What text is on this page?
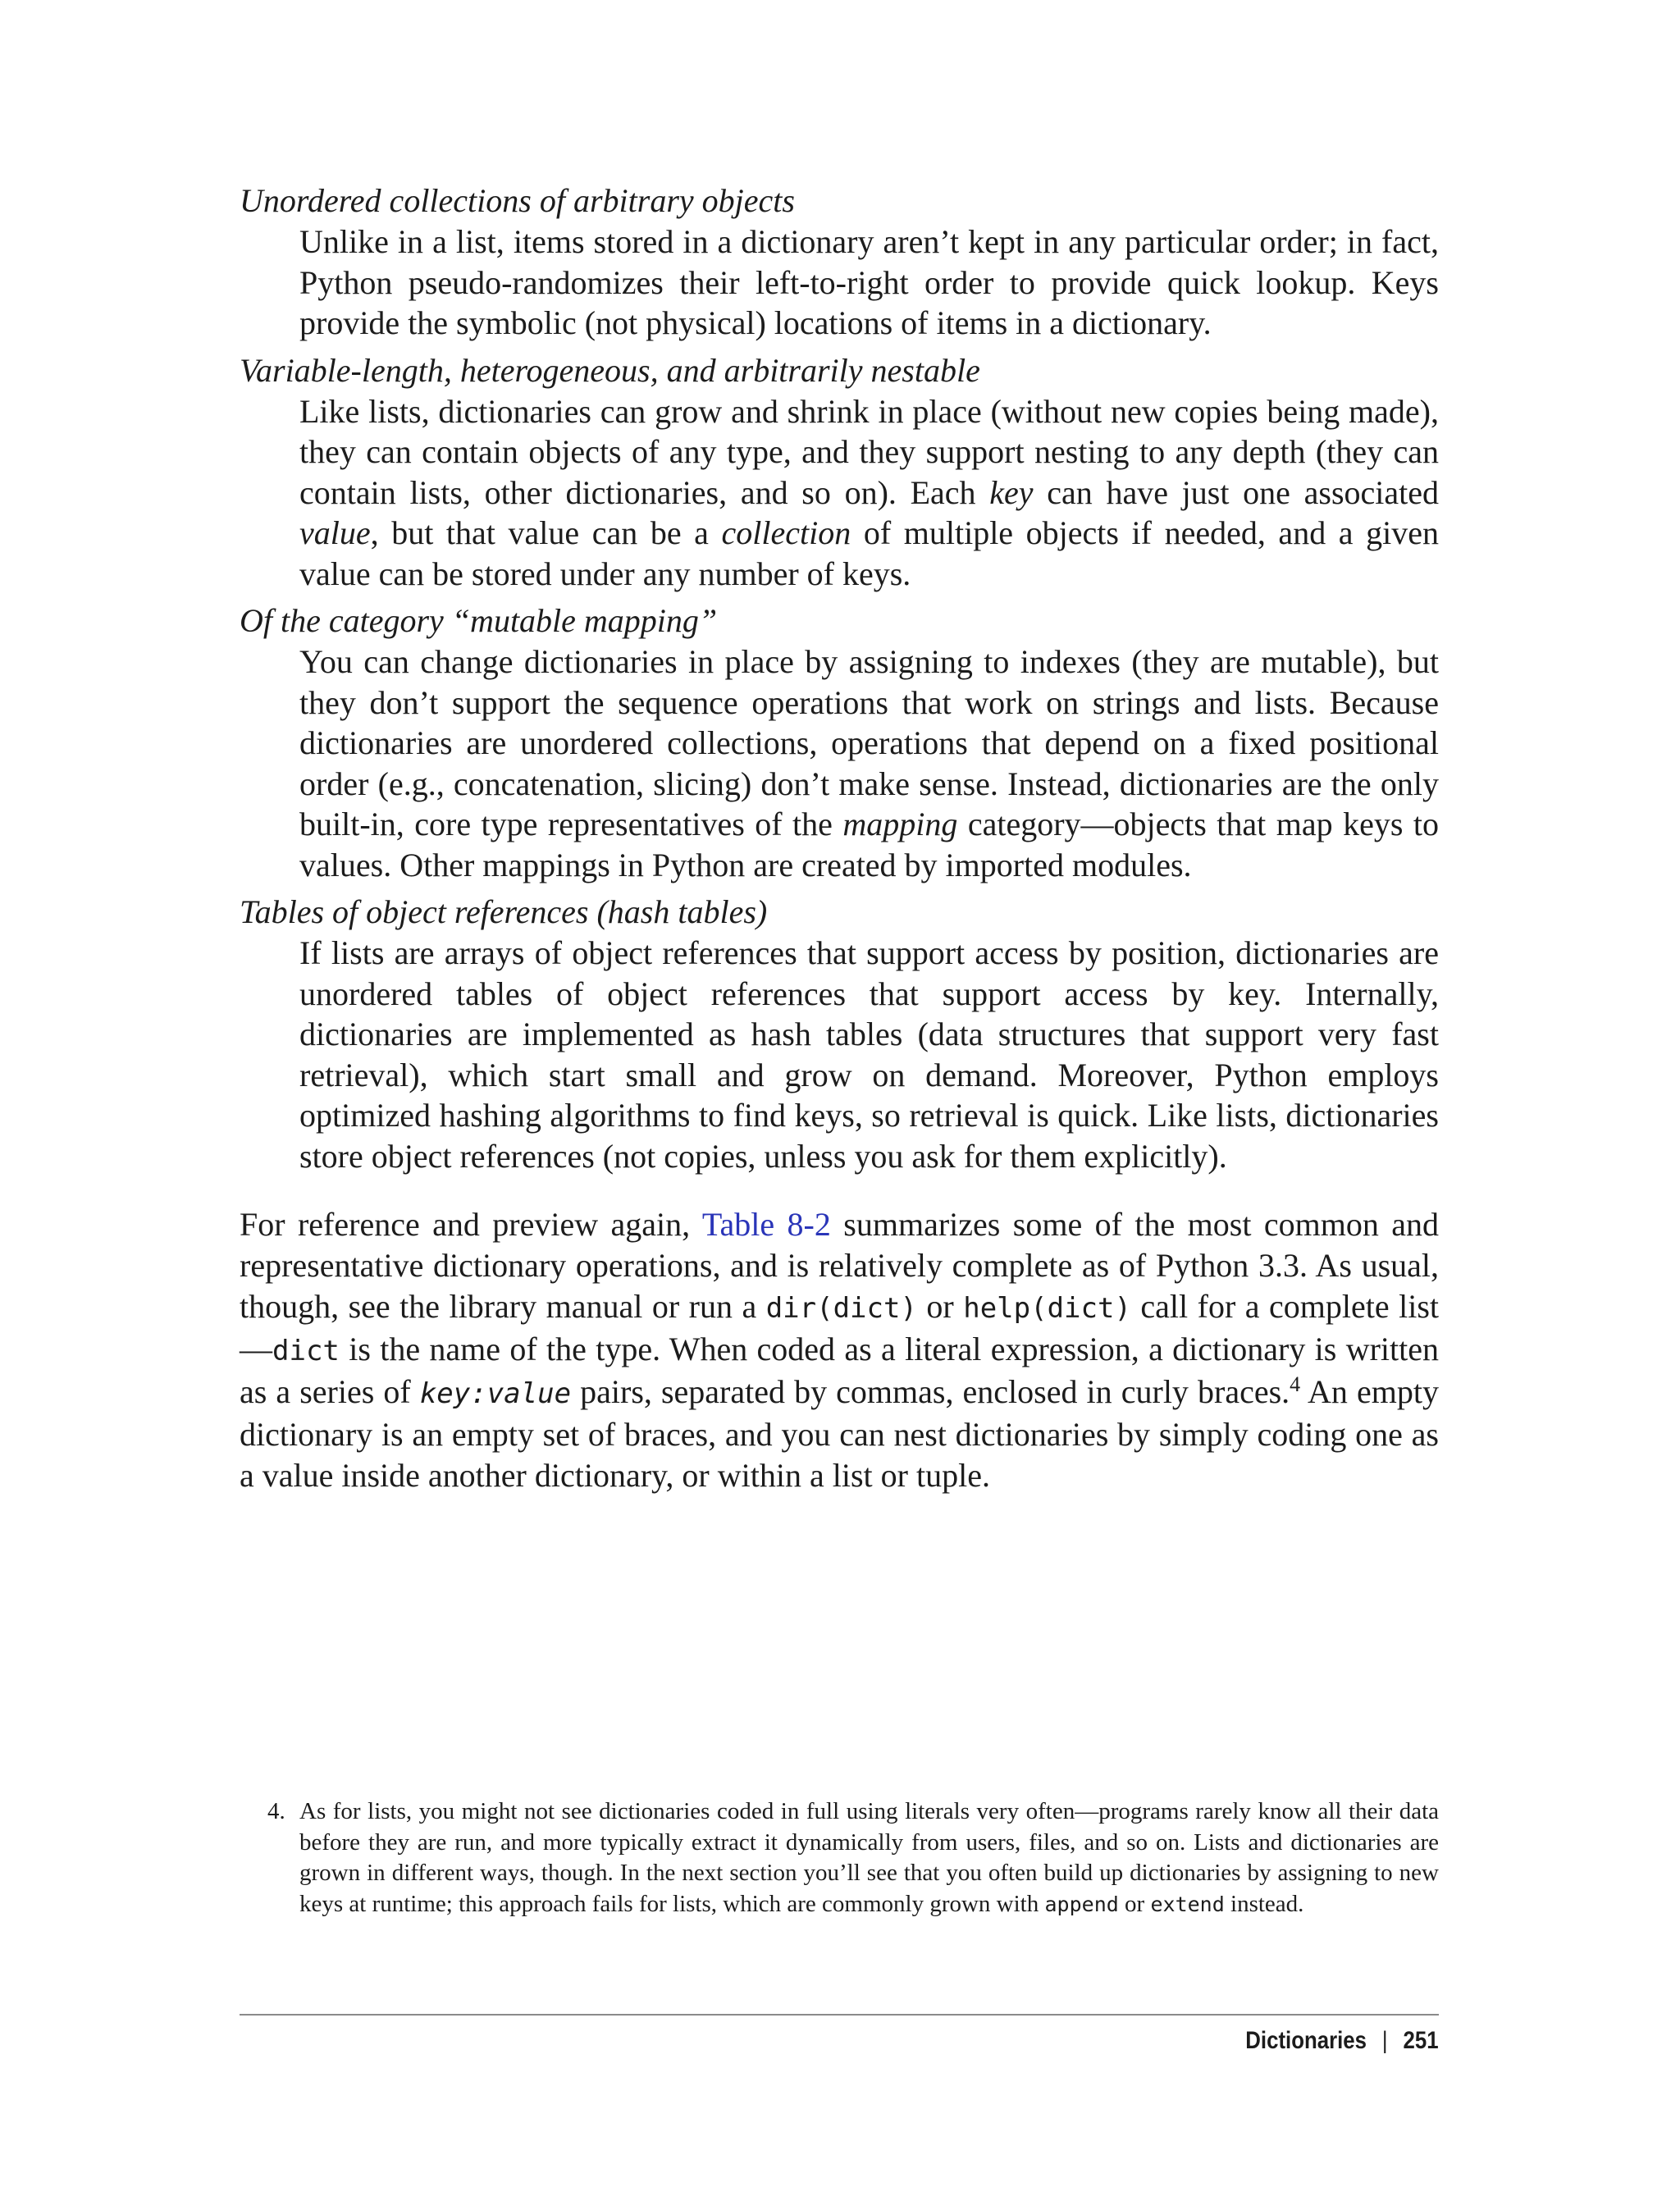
Unordered collections of arbitrary objects

Unlike in a list, items stored in a dictionary aren’t kept in any particular order; in fact, Python pseudo-randomizes their left-to-right order to provide quick lookup. Keys provide the symbolic (not physical) locations of items in a dictionary.

Variable-length, heterogeneous, and arbitrarily nestable

Like lists, dictionaries can grow and shrink in place (without new copies being made), they can contain objects of any type, and they support nesting to any depth (they can contain lists, other dictionaries, and so on). Each key can have just one associated value, but that value can be a collection of multiple objects if needed, and a given value can be stored under any number of keys.

Of the category “mutable mapping”

You can change dictionaries in place by assigning to indexes (they are mutable), but they don’t support the sequence operations that work on strings and lists. Because dictionaries are unordered collections, operations that depend on a fixed positional order (e.g., concatenation, slicing) don’t make sense. Instead, dictionaries are the only built-in, core type representatives of the mapping category—objects that map keys to values. Other mappings in Python are created by imported modules.

Tables of object references (hash tables)

If lists are arrays of object references that support access by position, dictionaries are unordered tables of object references that support access by key. Internally, dictionaries are implemented as hash tables (data structures that support very fast retrieval), which start small and grow on demand. Moreover, Python employs optimized hashing algorithms to find keys, so retrieval is quick. Like lists, dictionaries store object references (not copies, unless you ask for them explicitly).

For reference and preview again, Table 8-2 summarizes some of the most common and representative dictionary operations, and is relatively complete as of Python 3.3. As usual, though, see the library manual or run a dir(dict) or help(dict) call for a complete list—dict is the name of the type. When coded as a literal expression, a dictionary is written as a series of key:value pairs, separated by commas, enclosed in curly braces.$^4$ An empty dictionary is an empty set of braces, and you can nest dictionaries by simply coding one as a value inside another dictionary, or within a list or tuple.

4. As for lists, you might not see dictionaries coded in full using literals very often—programs rarely know all their data before they are run, and more typically extract it dynamically from users, files, and so on. Lists and dictionaries are grown in different ways, though. In the next section you’ll see that you often build up dictionaries by assigning to new keys at runtime; this approach fails for lists, which are commonly grown with append or extend instead.
Dictionaries | 251
